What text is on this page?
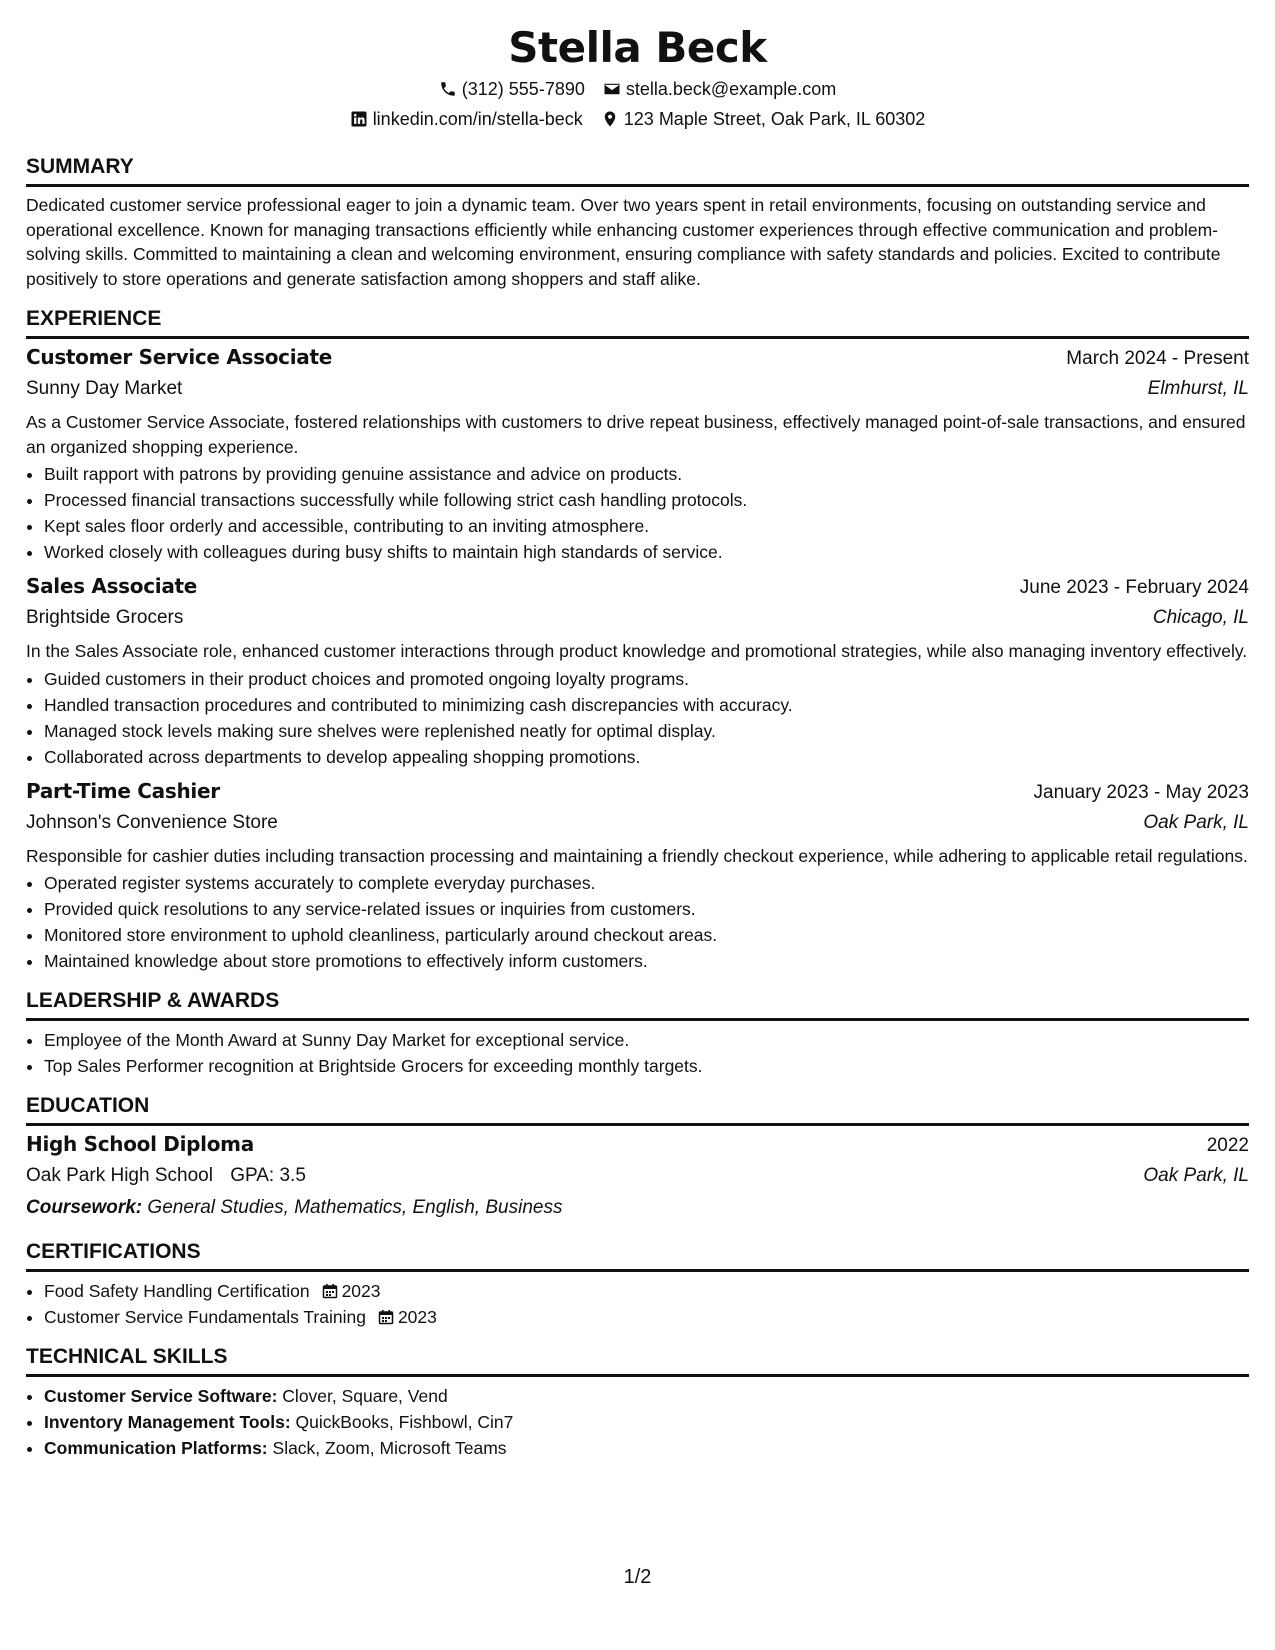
Stella Beck
(312) 555-7890 stella.beck@example.com
linkedin.com/in/stella-beck 123 Maple Street, Oak Park, IL 60302
SUMMARY

Dedicated customer service professional eager to join a dynamic team. Over two years spent in retail environments, focusing on outstanding service and operational excellence. Known for managing transactions efficiently while enhancing customer experiences through effective communication and problem-solving skills. Committed to maintaining a clean and welcoming environment, ensuring compliance with safety standards and policies. Excited to contribute positively to store operations and generate satisfaction among shoppers and staff alike.

EXPERIENCE
Customer Service Associate	March 2024 - Present
Sunny Day Market	Elmhurst, IL

As a Customer Service Associate, fostered relationships with customers to drive repeat business, effectively managed point-of-sale transactions, and ensured an organized shopping experience.

• Built rapport with patrons by providing genuine assistance and advice on products.
• Processed financial transactions successfully while following strict cash handling protocols.
• Kept sales floor orderly and accessible, contributing to an inviting atmosphere.
• Worked closely with colleagues during busy shifts to maintain high standards of service.
Sales Associate	June 2023 - February 2024
Brightside Grocers	Chicago, IL

In the Sales Associate role, enhanced customer interactions through product knowledge and promotional strategies, while also managing inventory effectively.

• Guided customers in their product choices and promoted ongoing loyalty programs.
• Handled transaction procedures and contributed to minimizing cash discrepancies with accuracy.
• Managed stock levels making sure shelves were replenished neatly for optimal display.
• Collaborated across departments to develop appealing shopping promotions.
Part-Time Cashier	January 2023 - May 2023
Johnson's Convenience Store	Oak Park, IL

Responsible for cashier duties including transaction processing and maintaining a friendly checkout experience, while adhering to applicable retail regulations.

• Operated register systems accurately to complete everyday purchases.
• Provided quick resolutions to any service-related issues or inquiries from customers.
• Monitored store environment to uphold cleanliness, particularly around checkout areas.
• Maintained knowledge about store promotions to effectively inform customers.
LEADERSHIP & AWARDS
• Employee of the Month Award at Sunny Day Market for exceptional service.
• Top Sales Performer recognition at Brightside Grocers for exceeding monthly targets.
EDUCATION
High School Diploma	2022
Oak Park High School GPA: 3.5	Oak Park, IL
Coursework: General Studies, Mathematics, English, Business
CERTIFICATIONS
• Food Safety Handling Certification 2023
• Customer Service Fundamentals Training 2023
TECHNICAL SKILLS
• Customer Service Software: Clover, Square, Vend
• Inventory Management Tools: QuickBooks, Fishbowl, Cin7
• Communication Platforms: Slack, Zoom, Microsoft Teams
1/2
